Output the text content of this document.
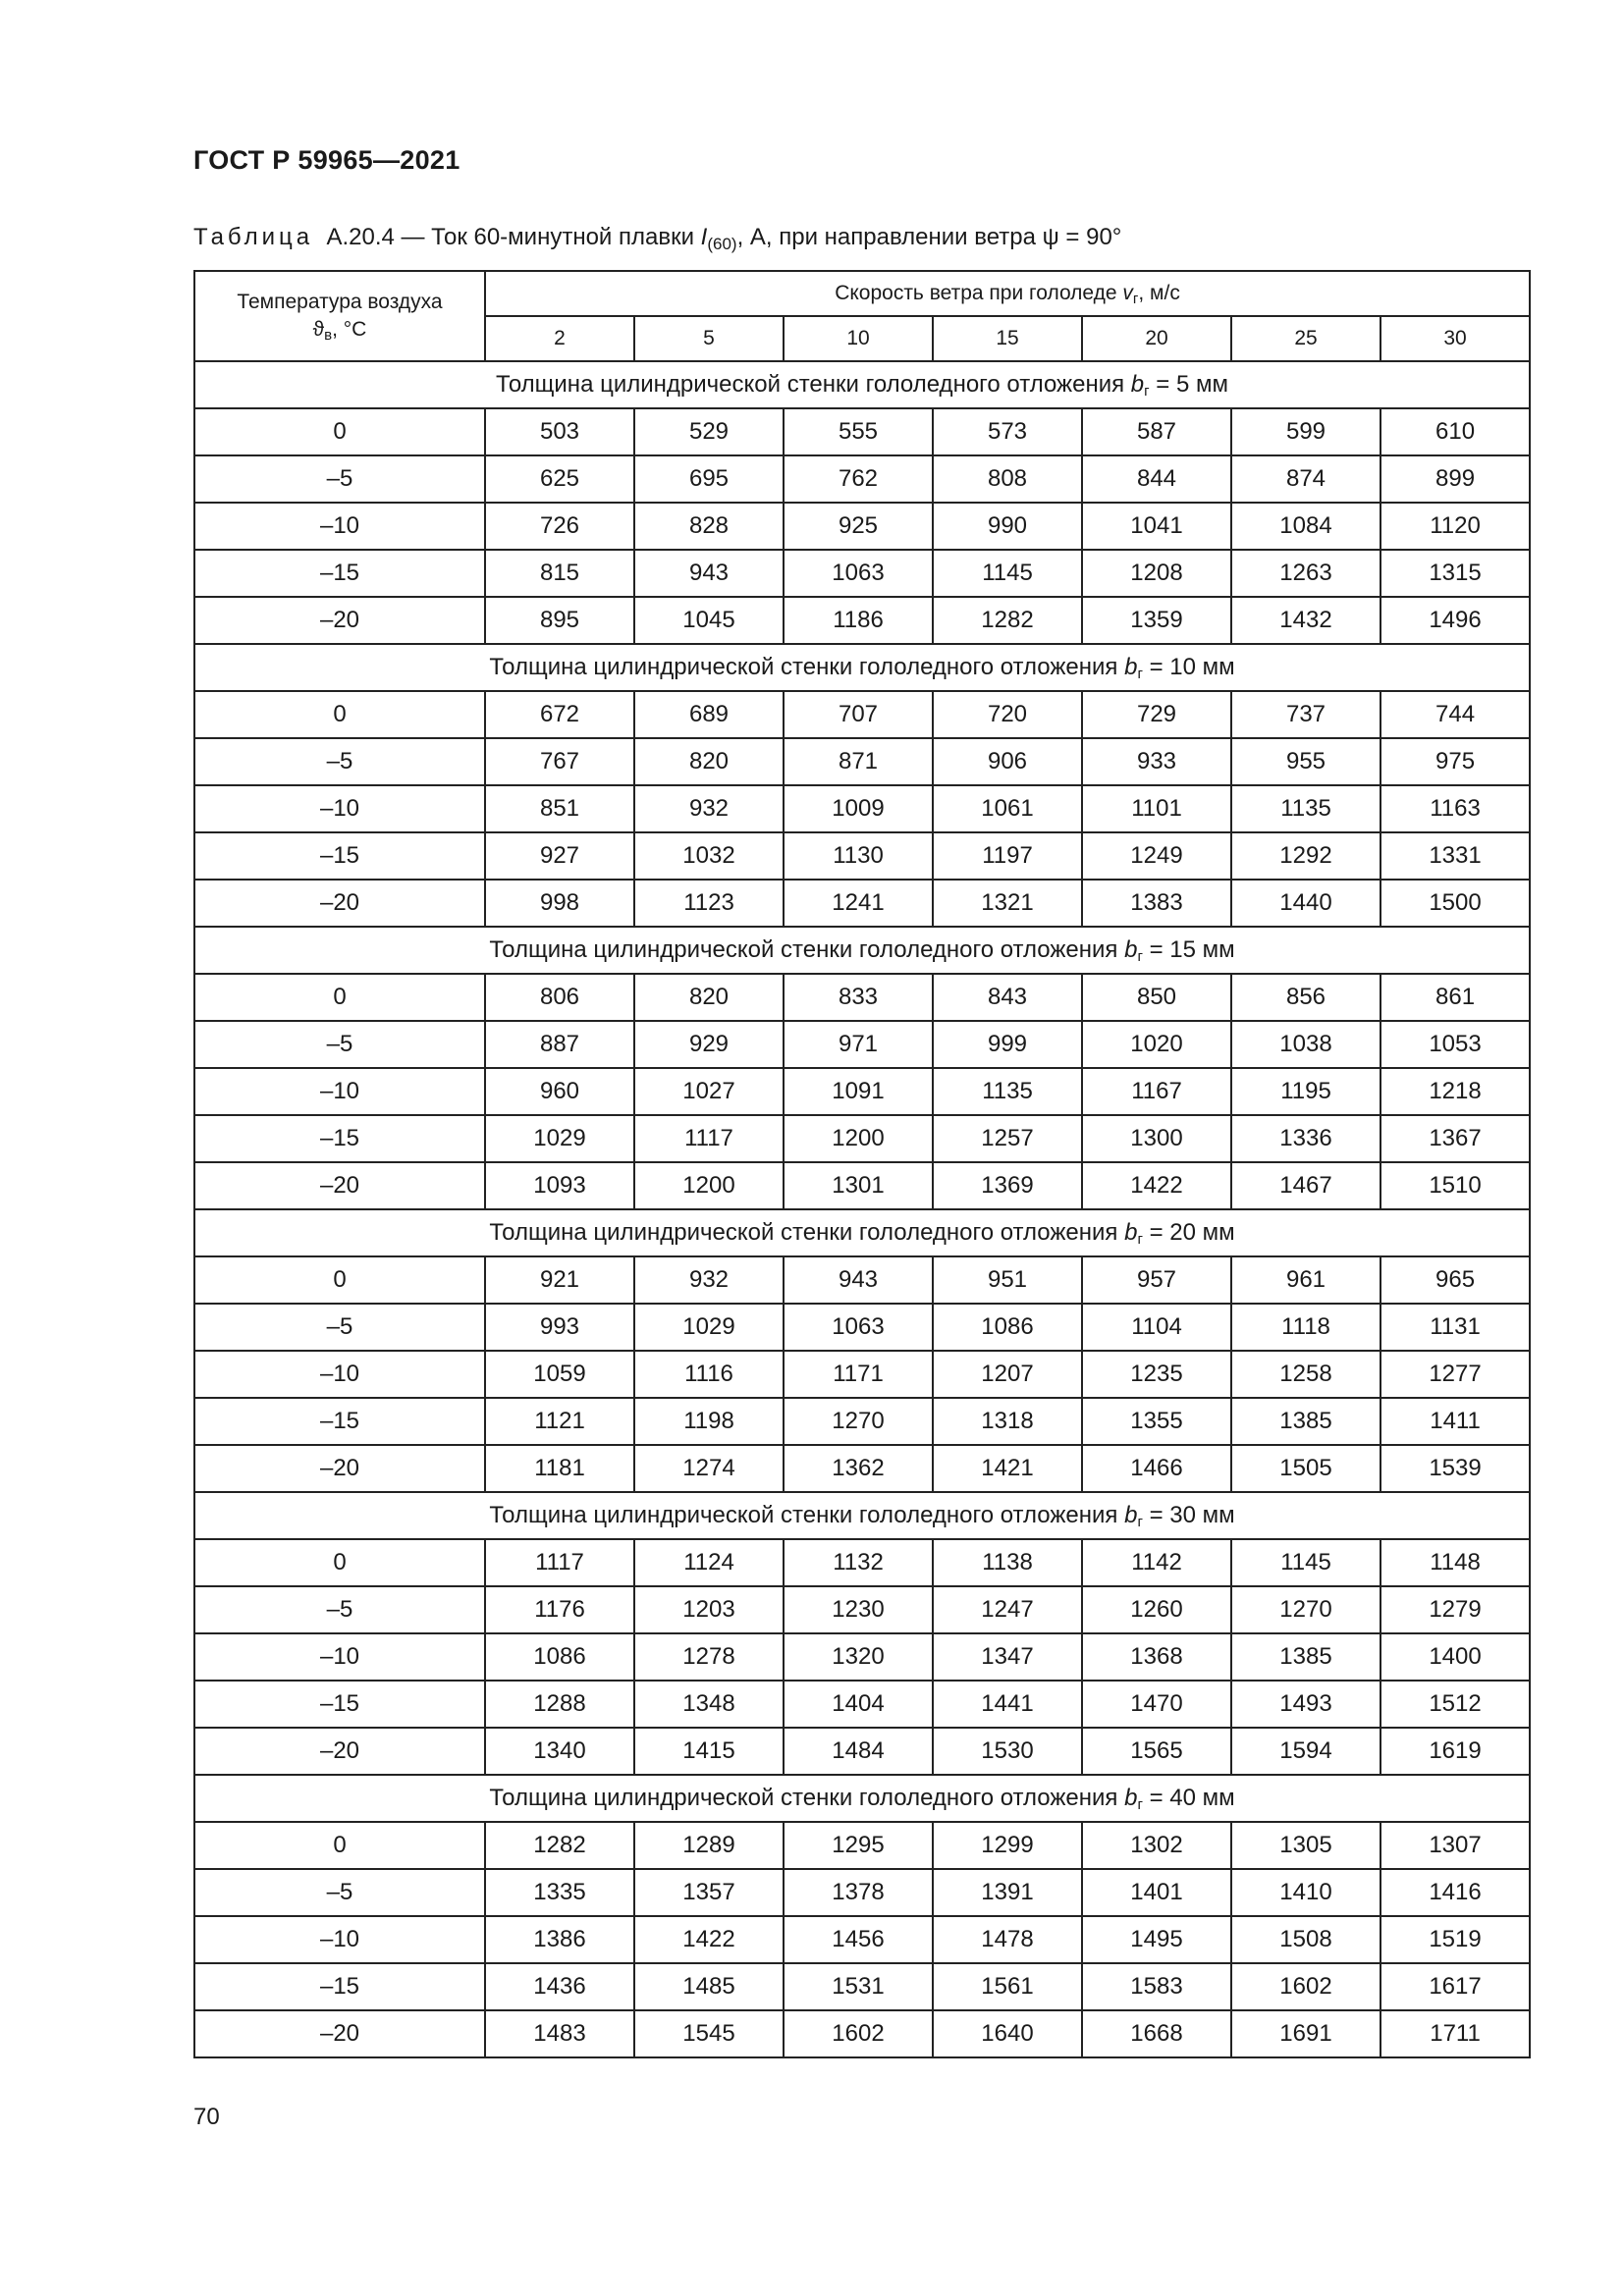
ГОСТ Р 59965—2021
Таблица А.20.4 — Ток 60-минутной плавки $I_{(60)}$, А, при направлении ветра ψ = 90°
Температура воздуха
$ϑ_в$, °C	Скорость ветра при гололеде $v_г$, м/с						
	2	5	10	15	20	25	30
Толщина цилиндрической стенки гололедного отложения $b_г = 5$ мм							
0	503	529	555	573	587	599	610
–5	625	695	762	808	844	874	899
–10	726	828	925	990	1041	1084	1120
–15	815	943	1063	1145	1208	1263	1315
–20	895	1045	1186	1282	1359	1432	1496
Толщина цилиндрической стенки гололедного отложения $b_г = 10$ мм							
0	672	689	707	720	729	737	744
–5	767	820	871	906	933	955	975
–10	851	932	1009	1061	1101	1135	1163
–15	927	1032	1130	1197	1249	1292	1331
–20	998	1123	1241	1321	1383	1440	1500
Толщина цилиндрической стенки гололедного отложения $b_г = 15$ мм							
0	806	820	833	843	850	856	861
–5	887	929	971	999	1020	1038	1053
–10	960	1027	1091	1135	1167	1195	1218
–15	1029	1117	1200	1257	1300	1336	1367
–20	1093	1200	1301	1369	1422	1467	1510
Толщина цилиндрической стенки гололедного отложения $b_г = 20$ мм							
0	921	932	943	951	957	961	965
–5	993	1029	1063	1086	1104	1118	1131
–10	1059	1116	1171	1207	1235	1258	1277
–15	1121	1198	1270	1318	1355	1385	1411
–20	1181	1274	1362	1421	1466	1505	1539
Толщина цилиндрической стенки гололедного отложения $b_г = 30$ мм							
0	1117	1124	1132	1138	1142	1145	1148
–5	1176	1203	1230	1247	1260	1270	1279
–10	1086	1278	1320	1347	1368	1385	1400
–15	1288	1348	1404	1441	1470	1493	1512
–20	1340	1415	1484	1530	1565	1594	1619
Толщина цилиндрической стенки гололедного отложения $b_г = 40$ мм							
0	1282	1289	1295	1299	1302	1305	1307
–5	1335	1357	1378	1391	1401	1410	1416
–10	1386	1422	1456	1478	1495	1508	1519
–15	1436	1485	1531	1561	1583	1602	1617
–20	1483	1545	1602	1640	1668	1691	1711
70
